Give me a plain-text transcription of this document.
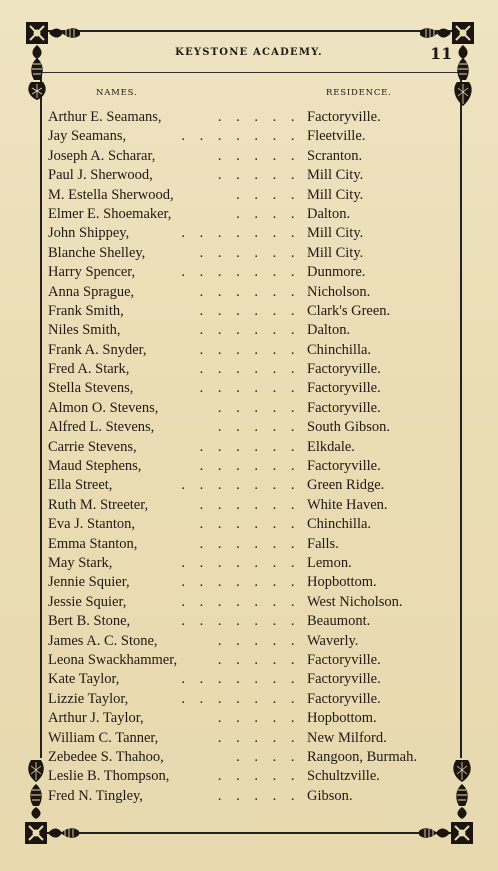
KEYSTONE ACADEMY.	11
NAMES.	RESIDENCE.
. . . . .
Arthur E. Seamans,	Factoryville.
. . . . . . .
Jay Seamans,	Fleetville.
. . . . .
Joseph A. Scharar,	Scranton.
. . . . .
Paul J. Sherwood,	Mill City.
. . . .
M. Estella Sherwood,	Mill City.
. . . .
Elmer E. Shoemaker,	Dalton.
. . . . . . .
John Shippey,	Mill City.
. . . . . .
Blanche Shelley,	Mill City.
. . . . . . .
Harry Spencer,	Dunmore.
. . . . . .
Anna Sprague,	Nicholson.
. . . . . .
Frank Smith,	Clark's Green.
. . . . . .
Niles Smith,	Dalton.
. . . . . .
Frank A. Snyder,	Chinchilla.
. . . . . .
Fred A. Stark,	Factoryville.
. . . . . .
Stella Stevens,	Factoryville.
. . . . .
Almon O. Stevens,	Factoryville.
. . . . .
Alfred L. Stevens,	South Gibson.
. . . . . .
Carrie Stevens,	Elkdale.
. . . . . .
Maud Stephens,	Factoryville.
. . . . . . .
Ella Street,	Green Ridge.
. . . . . .
Ruth M. Streeter,	White Haven.
. . . . . .
Eva J. Stanton,	Chinchilla.
. . . . . .
Emma Stanton,	Falls.
. . . . . . .
May Stark,	Lemon.
. . . . . . .
Jennie Squier,	Hopbottom.
. . . . . . .
Jessie Squier,	West Nicholson.
. . . . . . .
Bert B. Stone,	Beaumont.
. . . . .
James A. C. Stone,	Waverly.
. . . . .
Leona Swackhammer,	Factoryville.
. . . . . . .
Kate Taylor,	Factoryville.
. . . . . . .
Lizzie Taylor,	Factoryville.
. . . . .
Arthur J. Taylor,	Hopbottom.
. . . . .
William C. Tanner,	New Milford.
. . . .
Zebedee S. Thahoo,	Rangoon, Burmah.
. . . . .
Leslie B. Thompson,	Schultzville.
. . . . .
Fred N. Tingley,	Gibson.
